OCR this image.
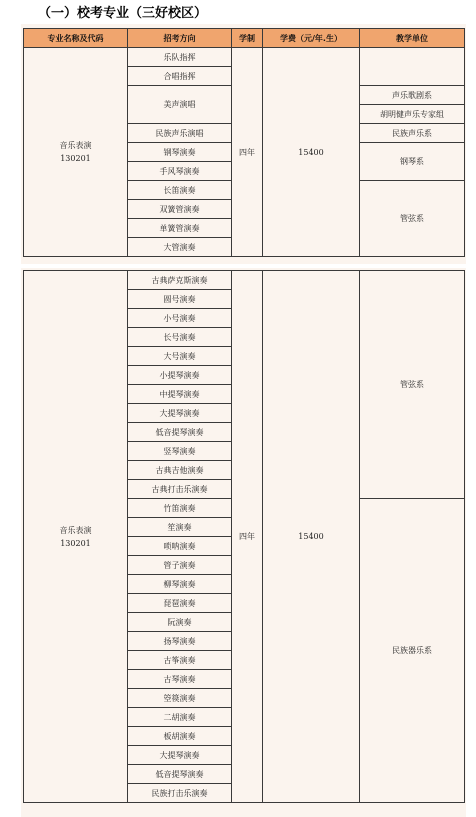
（一）校考专业（三好校区）
专业名称及代码	招考方向	学制	学费（元/年.生）	教学单位

音乐表演
130201	乐队指挥	四年	15400	
	合唱指挥			
	美声演唱			声乐歌剧系
				胡明健声乐专家组
	民族声乐演唱			民族声乐系
	钢琴演奏			钢琴系
	手风琴演奏			
	长笛演奏			管弦系
	双簧管演奏			
	单簧管演奏			
	大管演奏			
音乐表演
130201	古典萨克斯演奏	四年	15400	管弦系
	圆号演奏			
	小号演奏			
	长号演奏			
	大号演奏			
	小提琴演奏			
	中提琴演奏			
	大提琴演奏			
	低音提琴演奏			
	竖琴演奏			
	古典吉他演奏			
	古典打击乐演奏			
	竹笛演奏			民族器乐系
	笙演奏			
	唢呐演奏			
	管子演奏			
	柳琴演奏			
	琵琶演奏			
	阮演奏			
	扬琴演奏			
	古筝演奏			
	古琴演奏			
	箜篌演奏			
	二胡演奏			
	板胡演奏			
	大提琴演奏			
	低音提琴演奏			
	民族打击乐演奏			
